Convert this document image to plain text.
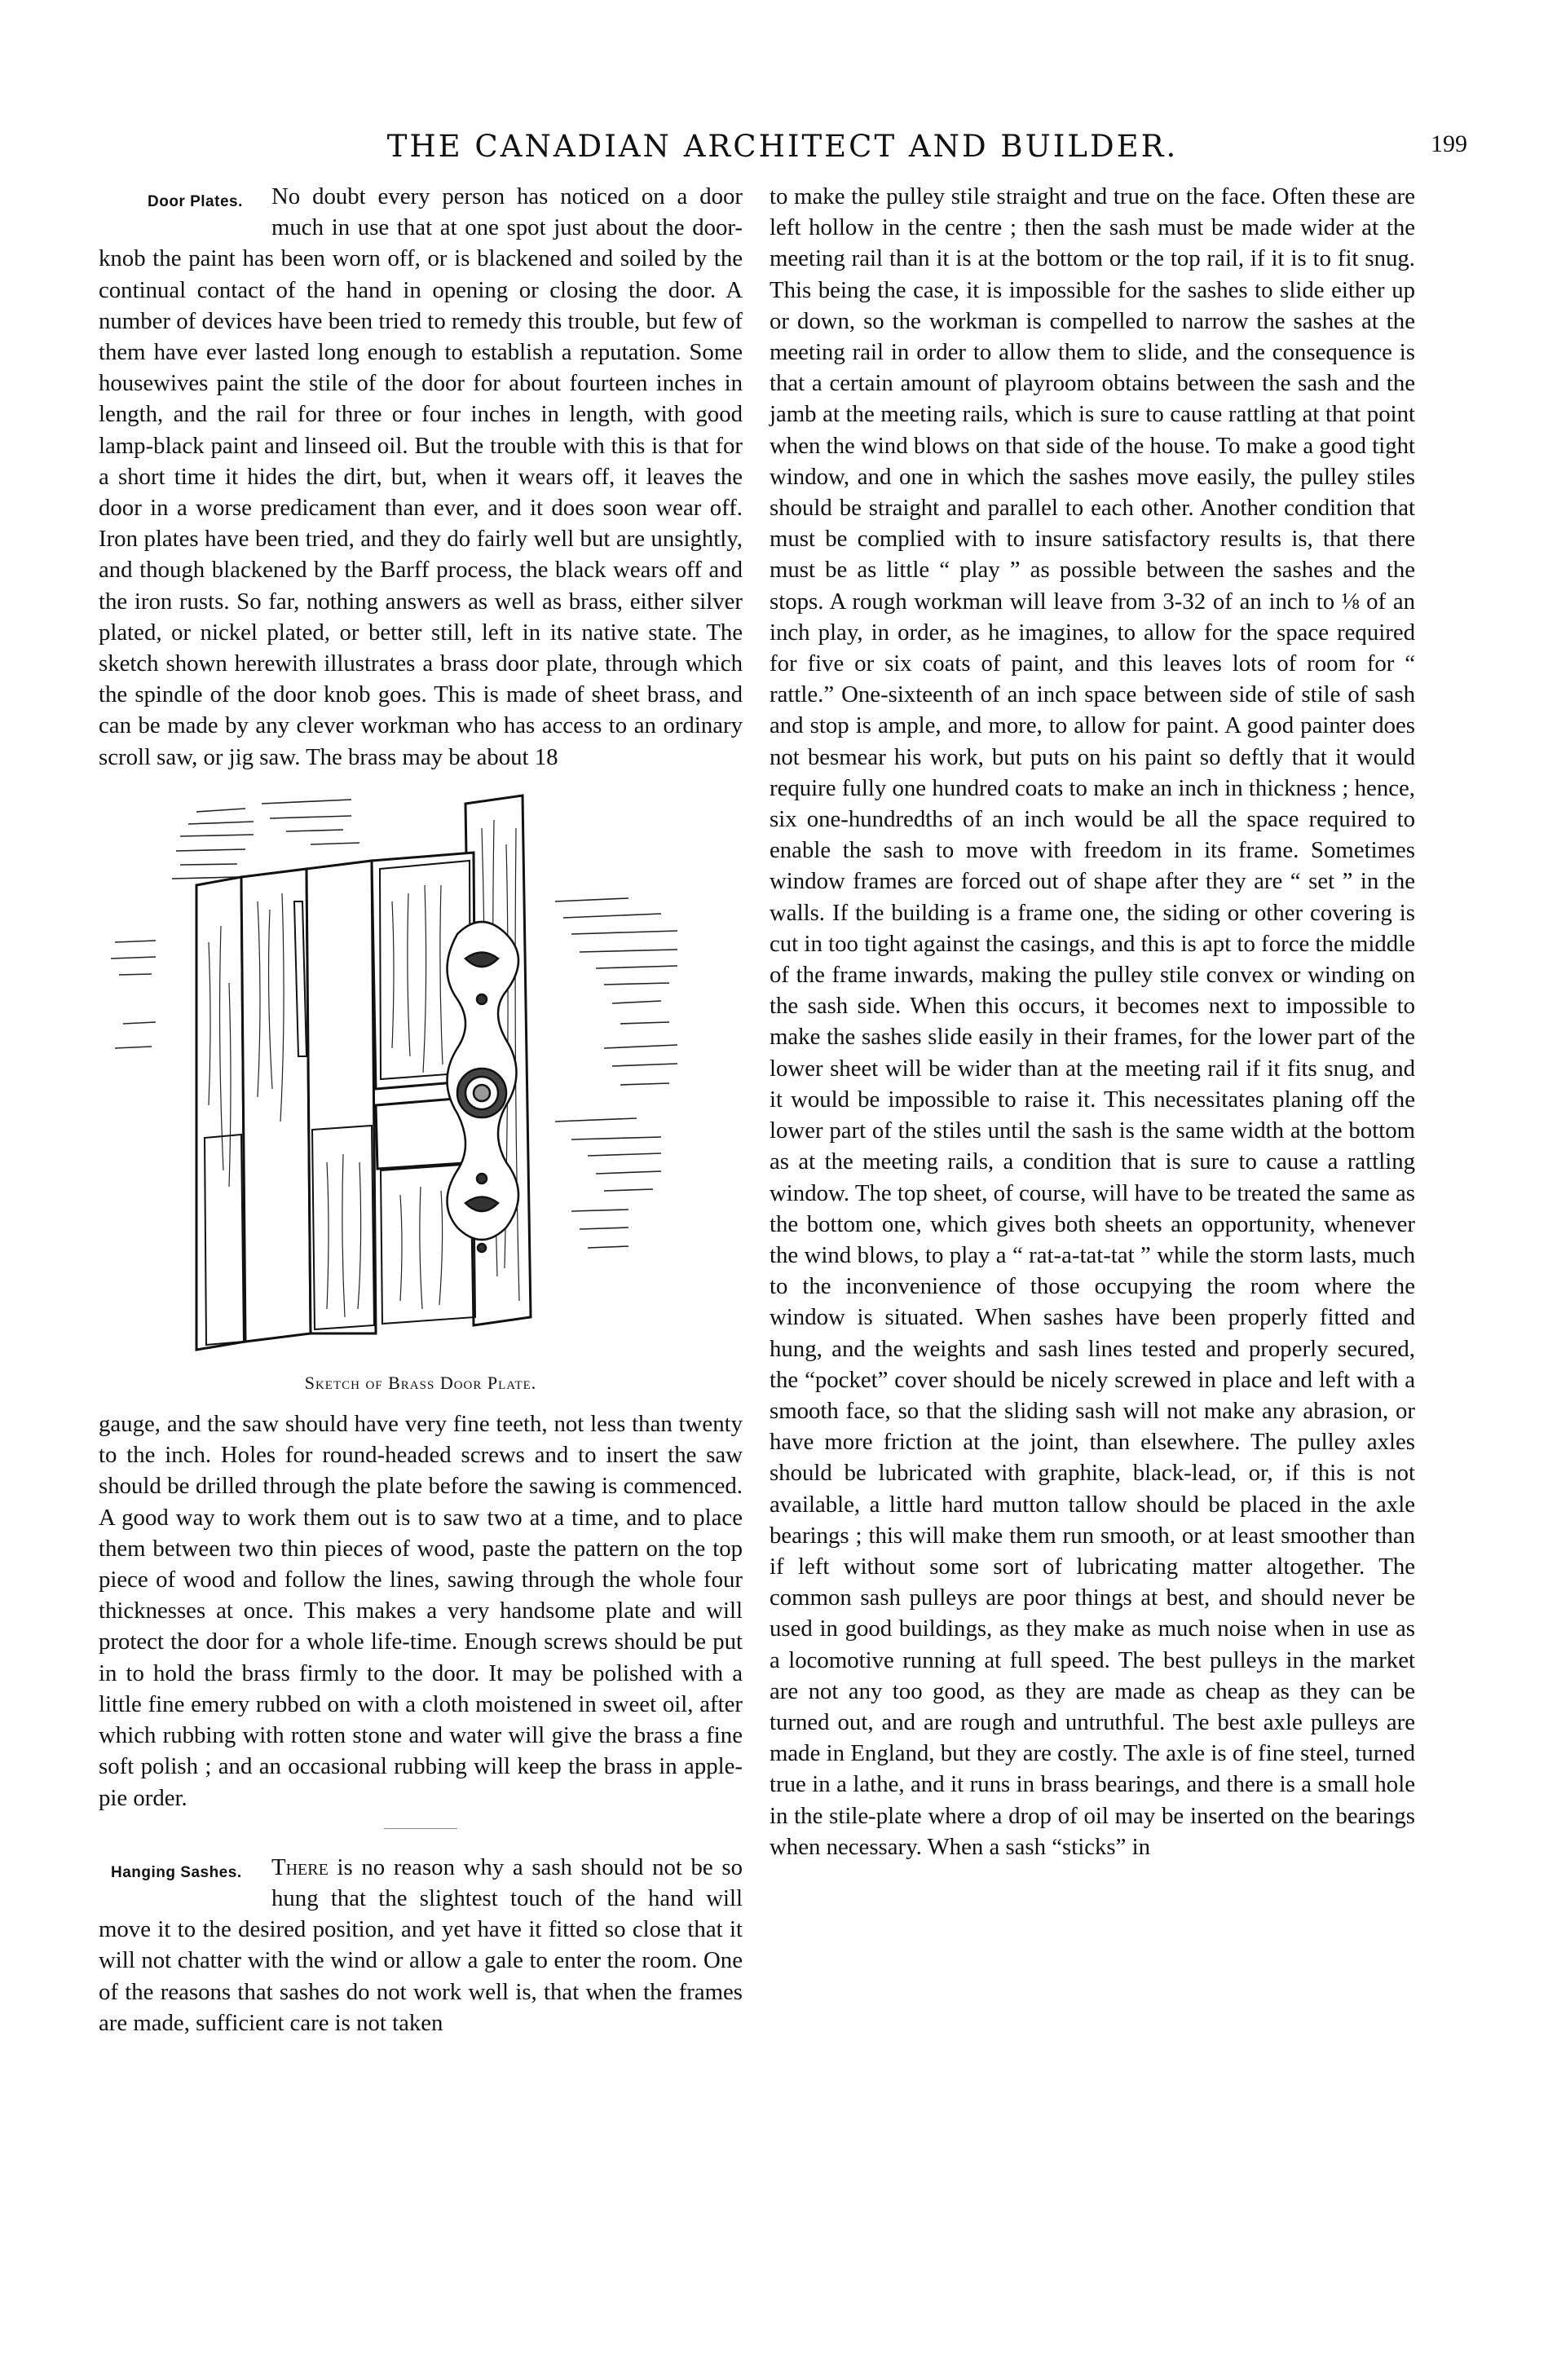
THE CANADIAN ARCHITECT AND BUILDER.	199
Door Plates.	No doubt every person has noticed on a door much in use that at one spot just about the door-knob the paint has been worn off, or is blackened and soiled by the continual contact of the hand in opening or closing the door. A number of devices have been tried to remedy this trouble, but few of them have ever lasted long enough to establish a reputation. Some housewives paint the stile of the door for about fourteen inches in length, and the rail for three or four inches in length, with good lamp-black paint and linseed oil. But the trouble with this is that for a short time it hides the dirt, but, when it wears off, it leaves the door in a worse predicament than ever, and it does soon wear off. Iron plates have been tried, and they do fairly well but are unsightly, and though blackened by the Barff process, the black wears off and the iron rusts. So far, nothing answers as well as brass, either silver plated, or nickel plated, or better still, left in its native state. The sketch shown herewith illustrates a brass door plate, through which the spindle of the door knob goes. This is made of sheet brass, and can be made by any clever workman who has access to an ordinary scroll saw, or jig saw. The brass may be about 18

Sketch of Brass Door Plate.

gauge, and the saw should have very fine teeth, not less than twenty to the inch. Holes for round-headed screws and to insert the saw should be drilled through the plate before the sawing is commenced. A good way to work them out is to saw two at a time, and to place them between two thin pieces of wood, paste the pattern on the top piece of wood and follow the lines, sawing through the whole four thicknesses at once. This makes a very handsome plate and will protect the door for a whole life-time. Enough screws should be put in to hold the brass firmly to the door. It may be polished with a little fine emery rubbed on with a cloth moistened in sweet oil, after which rubbing with rotten stone and water will give the brass a fine soft polish ; and an occasional rubbing will keep the brass in apple-pie order.

Hanging Sashes.	There is no reason why a sash should not be so hung that the slightest touch of the hand will move it to the desired position, and yet have it fitted so close that it will not chatter with the wind or allow a gale to enter the room. One of the reasons that sashes do not work well is, that when the frames are made, sufficient care is not taken

to make the pulley stile straight and true on the face. Often these are left hollow in the centre ; then the sash must be made wider at the meeting rail than it is at the bottom or the top rail, if it is to fit snug. This being the case, it is impossible for the sashes to slide either up or down, so the workman is compelled to narrow the sashes at the meeting rail in order to allow them to slide, and the consequence is that a certain amount of playroom obtains between the sash and the jamb at the meeting rails, which is sure to cause rattling at that point when the wind blows on that side of the house. To make a good tight window, and one in which the sashes move easily, the pulley stiles should be straight and parallel to each other. Another condition that must be complied with to insure satisfactory results is, that there must be as little “ play ” as possible between the sashes and the stops. A rough workman will leave from 3-32 of an inch to ⅛ of an inch play, in order, as he imagines, to allow for the space required for five or six coats of paint, and this leaves lots of room for “ rattle.” One-sixteenth of an inch space between side of stile of sash and stop is ample, and more, to allow for paint. A good painter does not besmear his work, but puts on his paint so deftly that it would require fully one hundred coats to make an inch in thickness ; hence, six one-hundredths of an inch would be all the space required to enable the sash to move with freedom in its frame. Sometimes window frames are forced out of shape after they are “ set ” in the walls. If the building is a frame one, the siding or other covering is cut in too tight against the casings, and this is apt to force the middle of the frame inwards, making the pulley stile convex or winding on the sash side. When this occurs, it becomes next to impossible to make the sashes slide easily in their frames, for the lower part of the lower sheet will be wider than at the meeting rail if it fits snug, and it would be impossible to raise it. This necessitates planing off the lower part of the stiles until the sash is the same width at the bottom as at the meeting rails, a condition that is sure to cause a rattling window. The top sheet, of course, will have to be treated the same as the bottom one, which gives both sheets an opportunity, whenever the wind blows, to play a “ rat-a-tat-tat ” while the storm lasts, much to the inconvenience of those occupying the room where the window is situated. When sashes have been properly fitted and hung, and the weights and sash lines tested and properly secured, the “pocket” cover should be nicely screwed in place and left with a smooth face, so that the sliding sash will not make any abrasion, or have more friction at the joint, than elsewhere. The pulley axles should be lubricated with graphite, black-lead, or, if this is not available, a little hard mutton tallow should be placed in the axle bearings ; this will make them run smooth, or at least smoother than if left without some sort of lubricating matter altogether. The common sash pulleys are poor things at best, and should never be used in good buildings, as they make as much noise when in use as a locomotive running at full speed. The best pulleys in the market are not any too good, as they are made as cheap as they can be turned out, and are rough and untruthful. The best axle pulleys are made in England, but they are costly. The axle is of fine steel, turned true in a lathe, and it runs in brass bearings, and there is a small hole in the stile-plate where a drop of oil may be inserted on the bearings when necessary. When a sash “sticks” in
